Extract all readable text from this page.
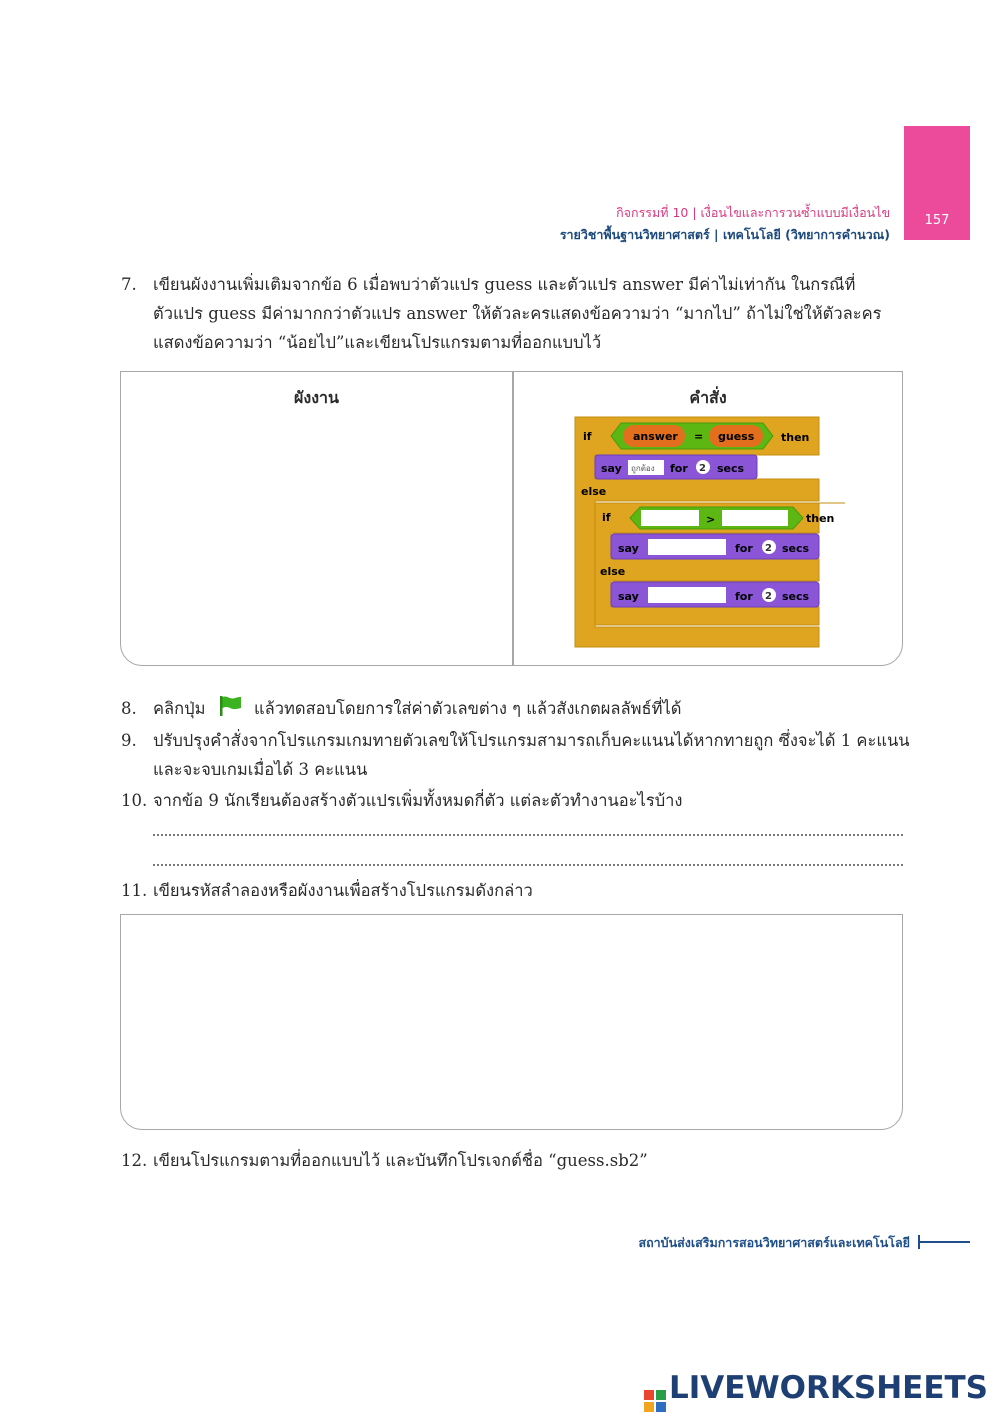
157
กิจกรรมที่ 10 | เงื่อนไขและการวนซ้ำแบบมีเงื่อนไข
รายวิชาพื้นฐานวิทยาศาสตร์ | เทคโนโลยี (วิทยาการคำนวณ)
7. เขียนผังงานเพิ่มเติมจากข้อ 6 เมื่อพบว่าตัวแปร guess และตัวแปร answer มีค่าไม่เท่ากัน ในกรณีที่
ตัวแปร guess มีค่ามากกว่าตัวแปร answer ให้ตัวละครแสดงข้อความว่า “มากไป” ถ้าไม่ใช่ให้ตัวละคร
แสดงข้อความว่า “น้อยไป”และเขียนโปรแกรมตามที่ออกแบบไว้
ผังงาน	คำสั่ง
if	answer = guess then
say ถูกต้อง for 2 secs
else
if	>	then
say	for 2 secs
else
say	for 2 secs
8. คลิกปุ่ม	แล้วทดสอบโดยการใส่ค่าตัวเลขต่าง ๆ แล้วสังเกตผลลัพธ์ที่ได้
9. ปรับปรุงคำสั่งจากโปรแกรมเกมทายตัวเลขให้โปรแกรมสามารถเก็บคะแนนได้หากทายถูก ซึ่งจะได้ 1 คะแนน
และจะจบเกมเมื่อได้ 3 คะแนน
10. จากข้อ 9 นักเรียนต้องสร้างตัวแปรเพิ่มทั้งหมดกี่ตัว แต่ละตัวทำงานอะไรบ้าง
11. เขียนรหัสลำลองหรือผังงานเพื่อสร้างโปรแกรมดังกล่าว
12. เขียนโปรแกรมตามที่ออกแบบไว้ และบันทึกโปรเจกต์ชื่อ “guess.sb2”
สถาบันส่งเสริมการสอนวิทยาศาสตร์และเทคโนโลยี
LIVEWORKSHEETS
